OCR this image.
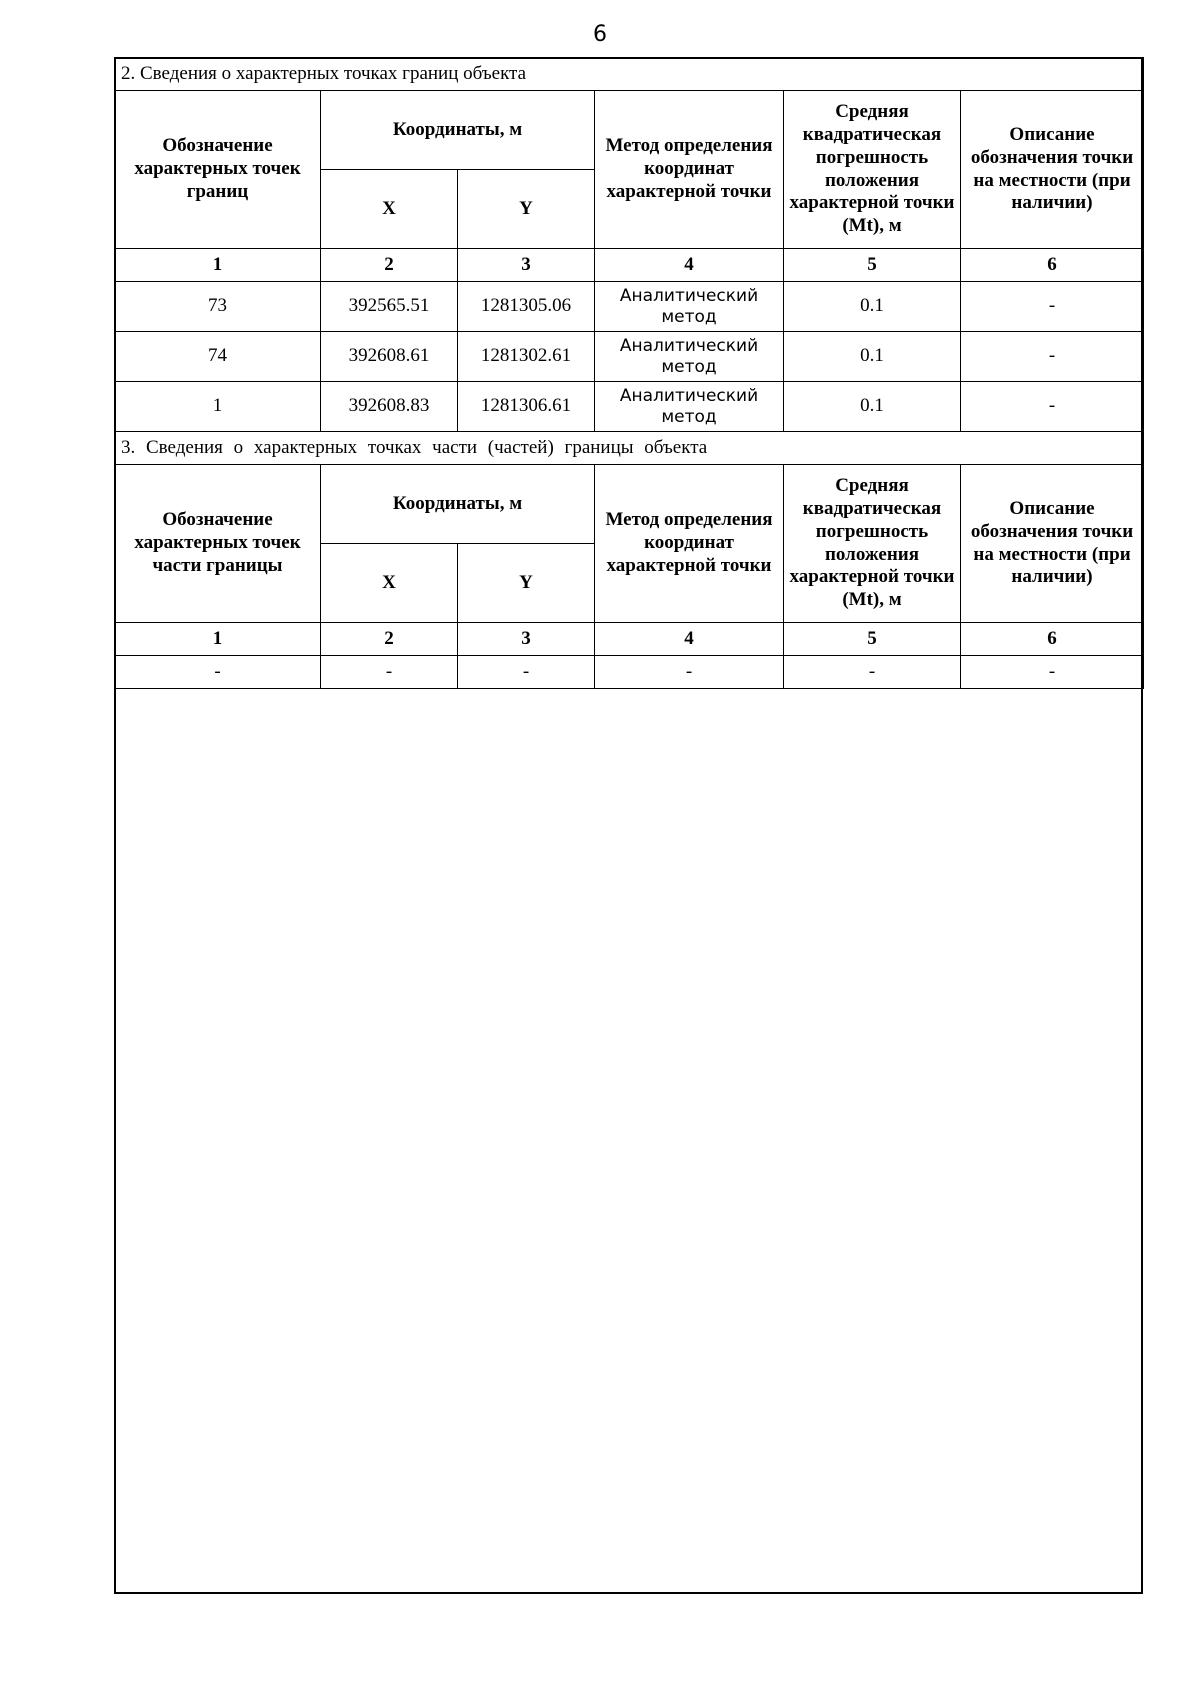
6
2. Сведения о характерных точках границ объекта					
Обозначение характерных точек границ	Координаты, м		Метод определения координат характерной точки	Средняя квадратическая погрешность положения характерной точки (Mt), м	Описание обозначения точки на местности (при наличии)
	X	Y			
1	2	3	4	5	6
73	392565.51	1281305.06	Аналитический метод	0.1	-
74	392608.61	1281302.61	Аналитический метод	0.1	-
1	392608.83	1281306.61	Аналитический метод	0.1	-
3. Сведения о характерных точках части (частей) границы объекта					
Обозначение характерных точек части границы	Координаты, м		Метод определения координат характерной точки	Средняя квадратическая погрешность положения характерной точки (Mt), м	Описание обозначения точки на местности (при наличии)
	X	Y			
1	2	3	4	5	6
-	-	-	-	-	-
